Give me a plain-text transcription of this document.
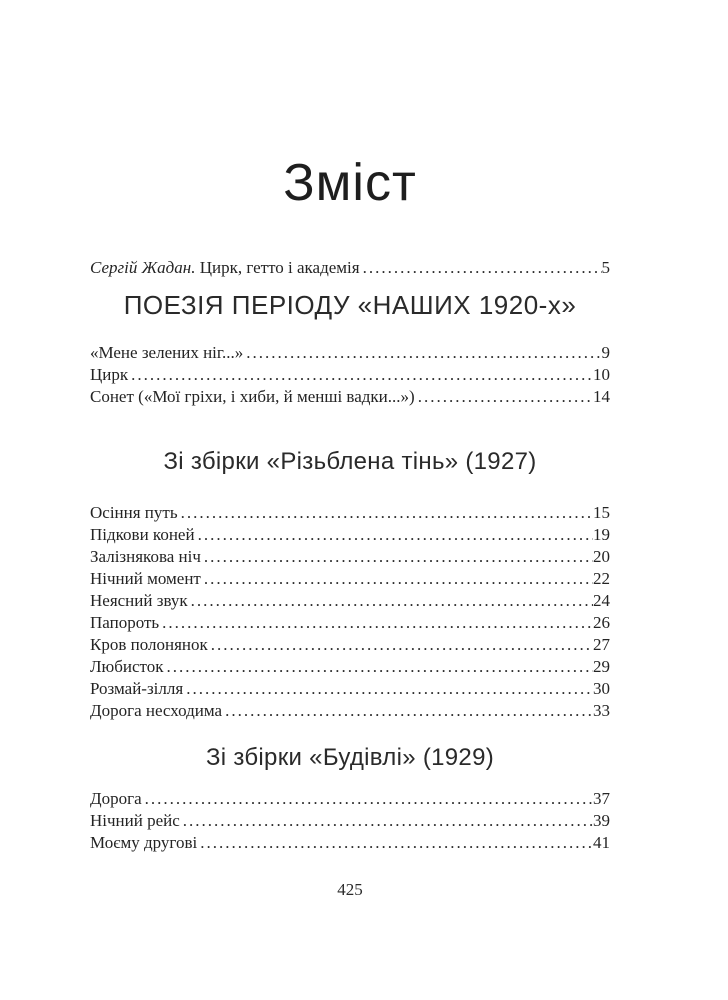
Зміст
Сергій Жадан. Цирк, гетто і академія .....	5
ПОЕЗІЯ ПЕРІОДУ «НАШИХ 1920-х»
«Мене зелених ніг...» .....	9
Цирк .....	10
Сонет («Мої гріхи, і хиби, й менші вадки...») .....	14
Зі збірки «Різьблена тінь» (1927)
Осіння путь .....	15
Підкови коней .....	19
Залізнякова ніч .....	20
Нічний момент .....	22
Неясний звук .....	24
Папороть .....	26
Кров полонянок .....	27
Любисток .....	29
Розмай-зілля .....	30
Дорога несходима .....	33
Зі збірки «Будівлі» (1929)
Дорога .....	37
Нічний рейс .....	39
Моєму другові .....	41
425
